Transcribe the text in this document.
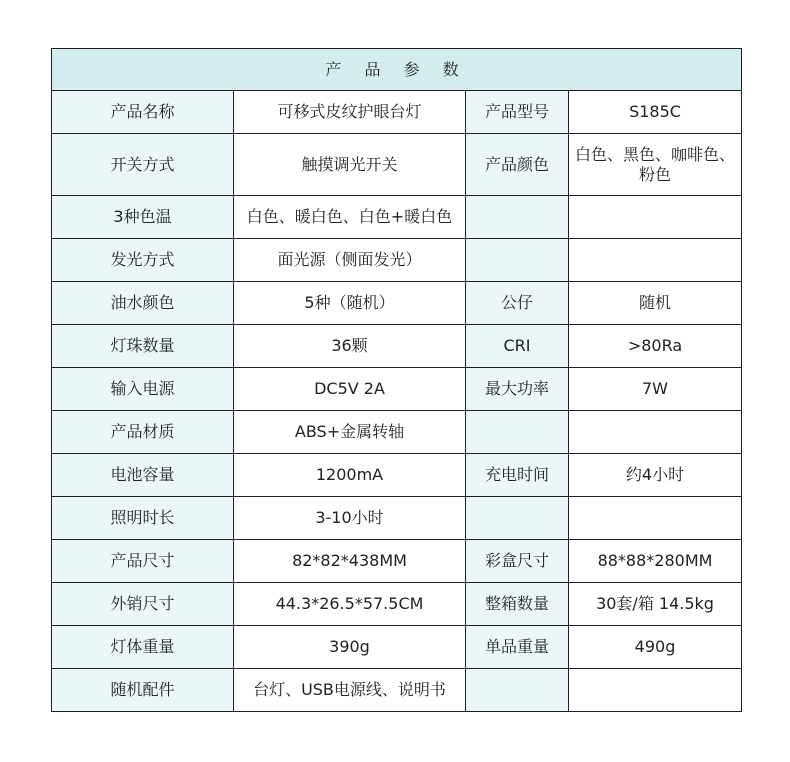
产 品 参 数			
产品名称	可移式皮纹护眼台灯	产品型号	S185C
开关方式	触摸调光开关	产品颜色	白色、黑色、咖啡色、粉色

3种色温	白色、暖白色、白色+暖白色		

发光方式	面光源（侧面发光）		
油水颜色	5种（随机）	公仔	随机
灯珠数量	36颗	CRI	>80Ra
输入电源	DC5V 2A	最大功率	7W
产品材质	ABS+金属转轴		
电池容量	1200mA	充电时间	约4小时
照明时长	3-10小时		
产品尺寸	82*82*438MM	彩盒尺寸	88*88*280MM
外销尺寸	44.3*26.5*57.5CM	整箱数量	30套/箱 14.5kg
灯体重量	390g	单品重量	490g
随机配件	台灯、USB电源线、说明书		
